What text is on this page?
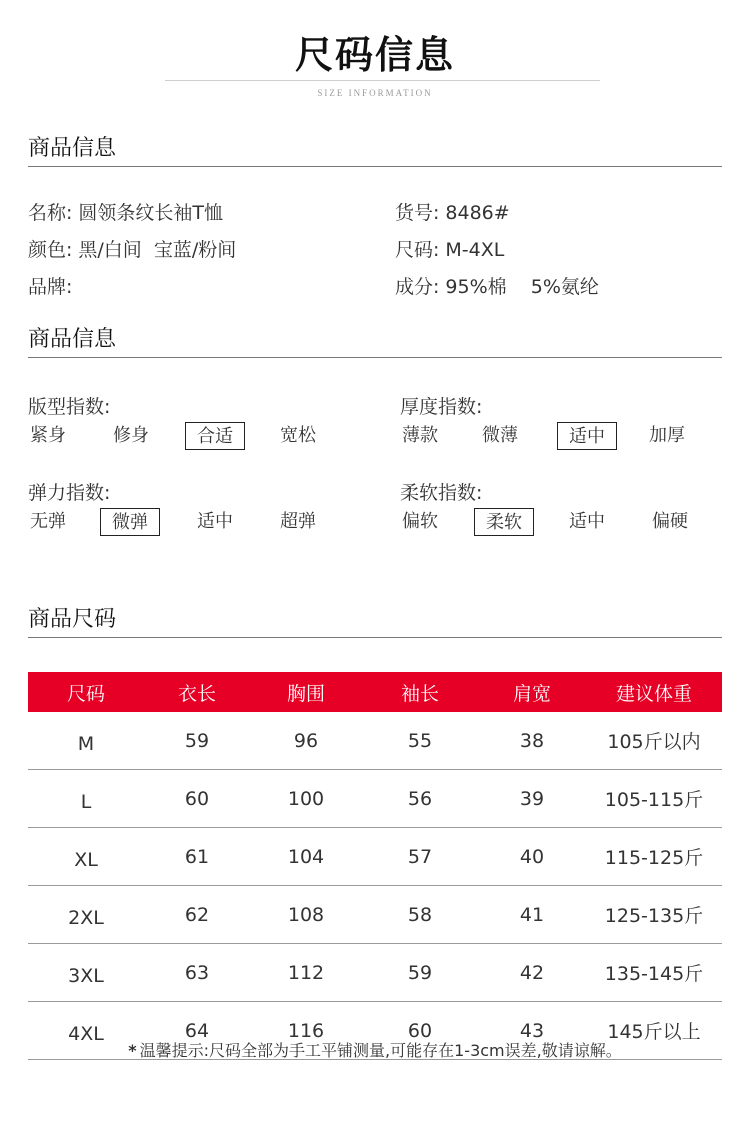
尺码信息
SIZE INFORMATION
商品信息
名称: 圆领条纹长袖T恤	货号: 8486#
颜色: 黑/白间  宝蓝/粉间	尺码: M-4XL
品牌:	成分: 95%棉    5%氨纶
商品信息
版型指数:
紧身	修身	合适	宽松
厚度指数:
薄款	微薄	适中	加厚
弹力指数:
无弹	微弹	适中	超弹
柔软指数:
偏软	柔软	适中	偏硬
商品尺码
尺码	衣长	胸围	袖长	肩宽	建议体重
M	59	96	55	38	105斤以内
L	60	100	56	39	105-115斤
XL	61	104	57	40	115-125斤
2XL	62	108	58	41	125-135斤
3XL	63	112	59	42	135-145斤
4XL	64	116	60	43	145斤以上
* 温馨提示:尺码全部为手工平铺测量,可能存在1-3cm误差,敬请谅解。
